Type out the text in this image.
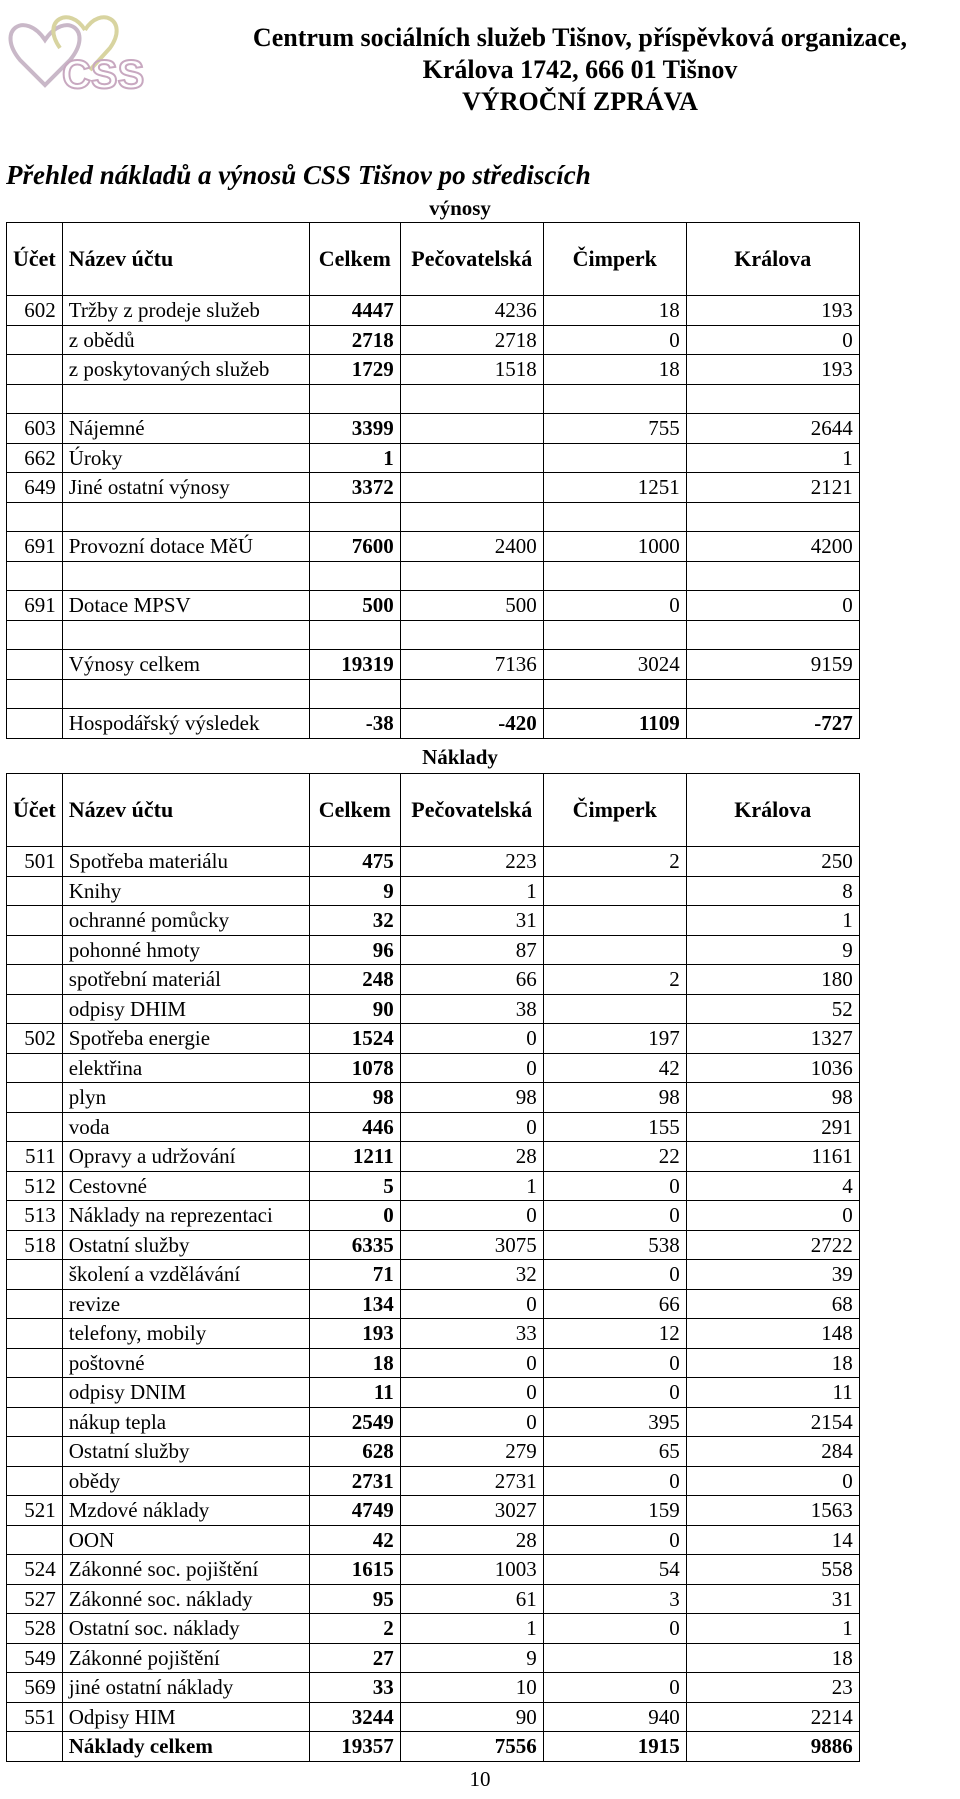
CSS
Centrum sociálních služeb Tišnov, příspěvková organizace,
Králova 1742, 666 01 Tišnov
VÝROČNÍ ZPRÁVA
Přehled nákladů a výnosů CSS Tišnov po střediscích
výnosy
Účet	Název účtu	Celkem	Pečovatelská	Čimperk	Králova
602	Tržby z prodeje služeb	4447	4236	18	193
	z obědů	2718	2718	0	0
	z poskytovaných služeb	1729	1518	18	193

603	Nájemné	3399		755	2644
662	Úroky	1			1
649	Jiné ostatní výnosy	3372		1251	2121

691	Provozní dotace MěÚ	7600	2400	1000	4200

691	Dotace MPSV	500	500	0	0

	Výnosy celkem	19319	7136	3024	9159

	Hospodářský výsledek	-38	-420	1109	-727
Náklady
Účet	Název účtu	Celkem	Pečovatelská	Čimperk	Králova
501	Spotřeba materiálu	475	223	2	250
	Knihy	9	1		8
	ochranné pomůcky	32	31		1
	pohonné hmoty	96	87		9
	spotřební materiál	248	66	2	180
	odpisy DHIM	90	38		52
502	Spotřeba energie	1524	0	197	1327
	elektřina	1078	0	42	1036
	plyn	98	98	98	98
	voda	446	0	155	291
511	Opravy a udržování	1211	28	22	1161
512	Cestovné	5	1	0	4
513	Náklady na reprezentaci	0	0	0	0
518	Ostatní služby	6335	3075	538	2722
	školení a vzdělávání	71	32	0	39
	revize	134	0	66	68
	telefony, mobily	193	33	12	148
	poštovné	18	0	0	18
	odpisy DNIM	11	0	0	11
	nákup tepla	2549	0	395	2154
	Ostatní služby	628	279	65	284
	obědy	2731	2731	0	0
521	Mzdové náklady	4749	3027	159	1563
	OON	42	28	0	14
524	Zákonné soc. pojištění	1615	1003	54	558
527	Zákonné soc. náklady	95	61	3	31
528	Ostatní soc. náklady	2	1	0	1
549	Zákonné pojištění	27	9		18
569	jiné ostatní náklady	33	10	0	23
551	Odpisy HIM	3244	90	940	2214
	Náklady celkem	19357	7556	1915	9886
10
